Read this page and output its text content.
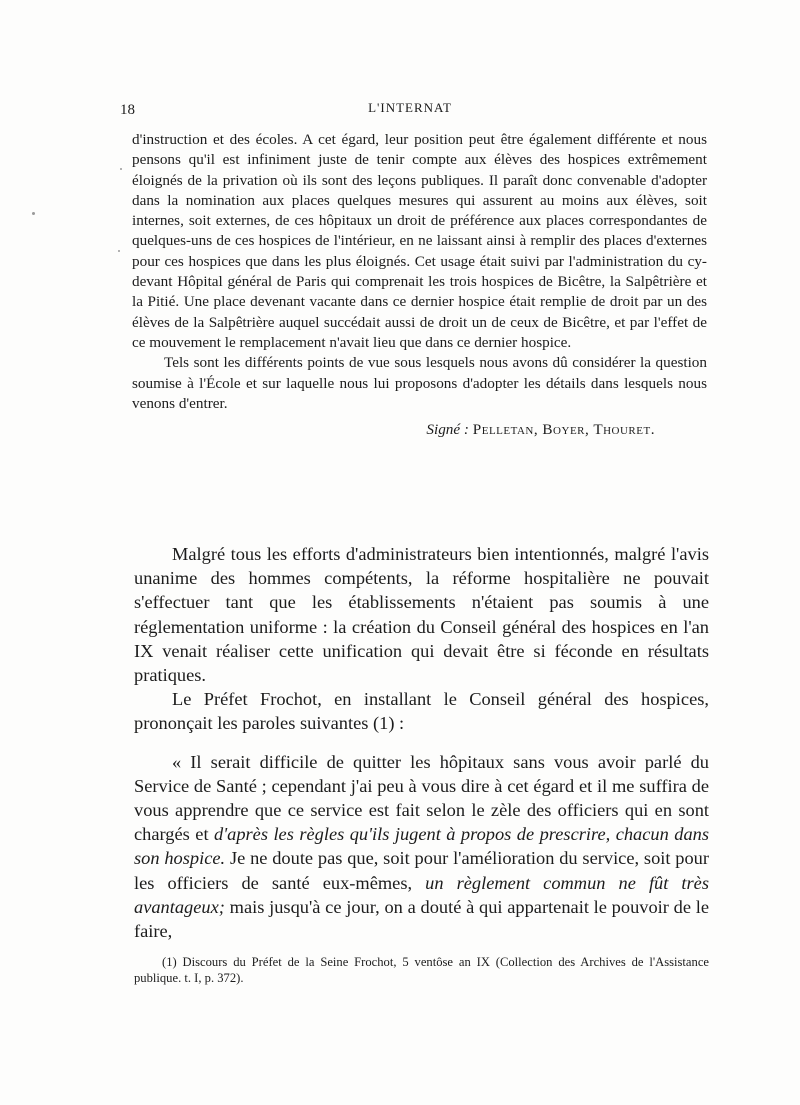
18	L'INTERNAT

d'instruction et des écoles. A cet égard, leur position peut être également différente et nous pensons qu'il est infiniment juste de tenir compte aux élèves des hospices extrêmement éloignés de la privation où ils sont des leçons publiques. Il paraît donc convenable d'adopter dans la nomination aux places quelques mesures qui assurent au moins aux élèves, soit internes, soit externes, de ces hôpitaux un droit de préférence aux places correspondantes de quelques-uns de ces hospices de l'intérieur, en ne laissant ainsi à remplir des places d'externes pour ces hospices que dans les plus éloignés. Cet usage était suivi par l'administration du cy-devant Hôpital général de Paris qui comprenait les trois hospices de Bicêtre, la Salpêtrière et la Pitié. Une place devenant vacante dans ce dernier hospice était remplie de droit par un des élèves de la Salpêtrière auquel succédait aussi de droit un de ceux de Bicêtre, et par l'effet de ce mouvement le remplacement n'avait lieu que dans ce dernier hospice.

Tels sont les différents points de vue sous lesquels nous avons dû considérer la question soumise à l'École et sur laquelle nous lui proposons d'adopter les détails dans lesquels nous venons d'entrer.

Signé : Pelletan, Boyer, Thouret.

Malgré tous les efforts d'administrateurs bien intentionnés, malgré l'avis unanime des hommes compétents, la réforme hospitalière ne pouvait s'effectuer tant que les établissements n'étaient pas soumis à une réglementation uniforme : la création du Conseil général des hospices en l'an IX venait réaliser cette unification qui devait être si féconde en résultats pratiques.

Le Préfet Frochot, en installant le Conseil général des hospices, prononçait les paroles suivantes (1) :

« Il serait difficile de quitter les hôpitaux sans vous avoir parlé du Service de Santé ; cependant j'ai peu à vous dire à cet égard et il me suffira de vous apprendre que ce service est fait selon le zèle des officiers qui en sont chargés et d'après les règles qu'ils jugent à propos de prescrire, chacun dans son hospice. Je ne doute pas que, soit pour l'amélioration du service, soit pour les officiers de santé eux-mêmes, un règlement commun ne fût très avantageux; mais jusqu'à ce jour, on a douté à qui appartenait le pouvoir de le faire,

(1) Discours du Préfet de la Seine Frochot, 5 ventôse an IX (Collection des Archives de l'Assistance publique. t. I, p. 372).
